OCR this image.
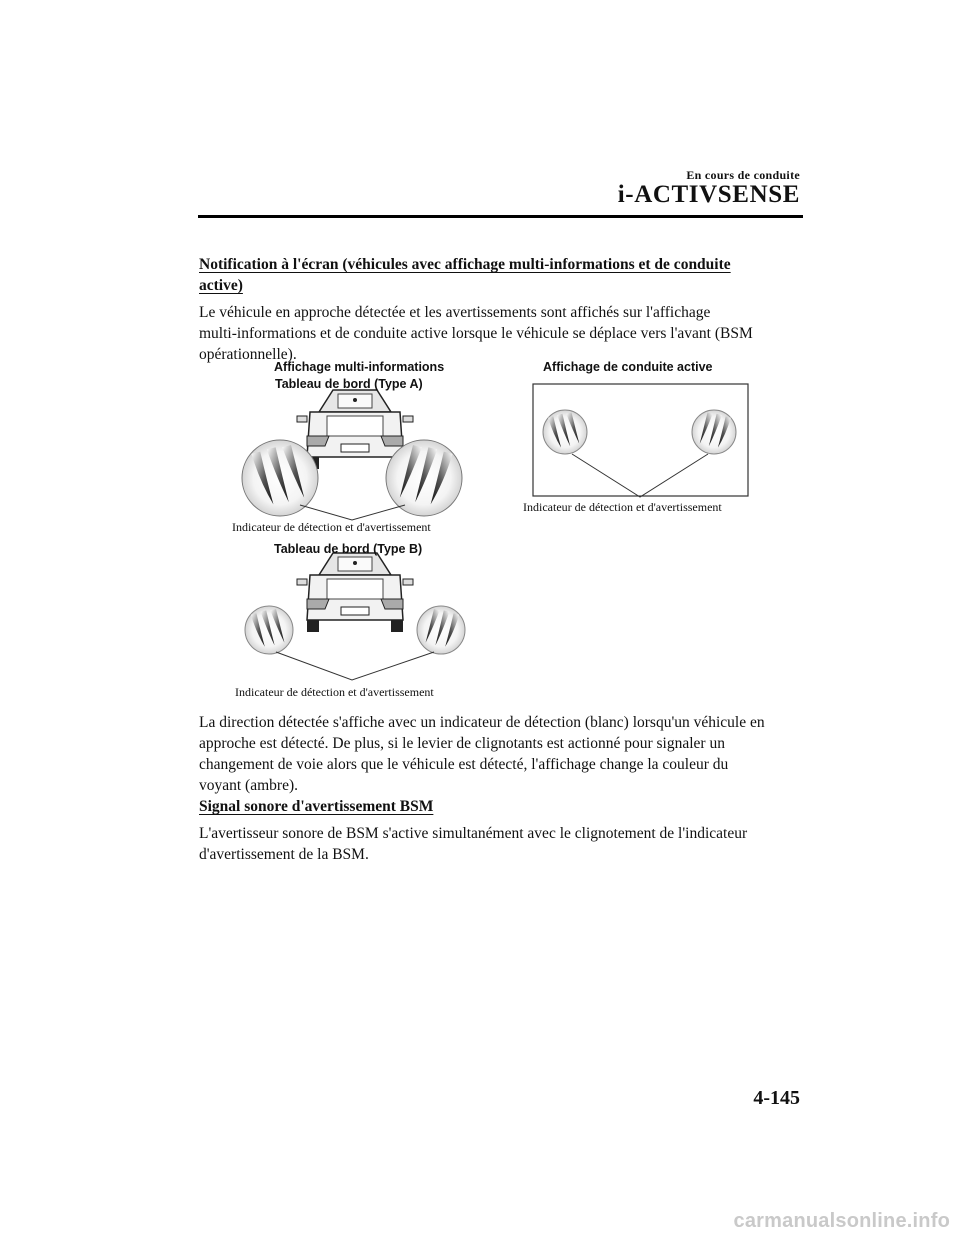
En cours de conduite
i-ACTIVSENSE
Notification à l'écran (véhicules avec affichage multi-informations et de conduite
active)
Le véhicule en approche détectée et les avertissements sont affichés sur l'affichage
multi-informations et de conduite active lorsque le véhicule se déplace vers l'avant (BSM
opérationnelle).
Affichage multi-informations
Tableau de bord (Type A)
Affichage de conduite active
Indicateur de détection et d'avertissement
Indicateur de détection et d'avertissement
Tableau de bord (Type B)
Indicateur de détection et d'avertissement
La direction détectée s'affiche avec un indicateur de détection (blanc) lorsqu'un véhicule en
approche est détecté. De plus, si le levier de clignotants est actionné pour signaler un
changement de voie alors que le véhicule est détecté, l'affichage change la couleur du
voyant (ambre).
Signal sonore d'avertissement BSM
L'avertisseur sonore de BSM s'active simultanément avec le clignotement de l'indicateur
d'avertissement de la BSM.
4-145
carmanualsonline.info
